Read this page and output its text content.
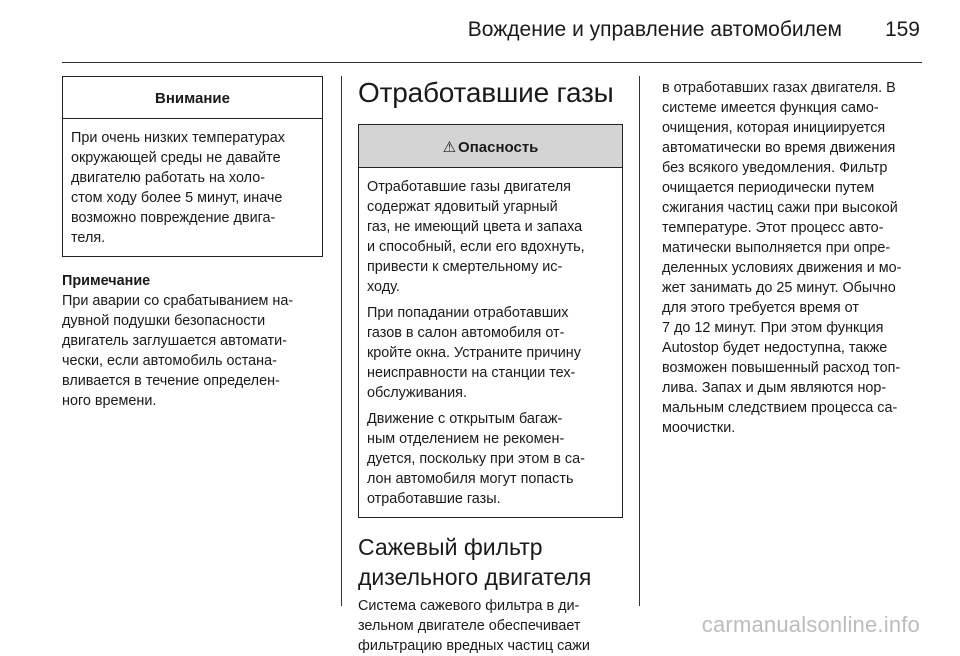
Вождение и управление автомобилем 159
Внимание
При очень низких температурах
окружающей среды не давайте
двигателю работать на холо-
стом ходу более 5 минут, иначе
возможно повреждение двига-
теля.
Примечание
При аварии со срабатыванием на-
дувной подушки безопасности
двигатель заглушается автомати-
чески, если автомобиль остана-
вливается в течение определен-
ного времени.
Отработавшие газы
⚠ Опасность
Отработавшие газы двигателя
содержат ядовитый угарный
газ, не имеющий цвета и запаха
и способный, если его вдохнуть,
привести к смертельному ис-
ходу.
При попадании отработавших
газов в салон автомобиля от-
кройте окна. Устраните причину
неисправности на станции тех-
обслуживания.
Движение с открытым багаж-
ным отделением не рекомен-
дуется, поскольку при этом в са-
лон автомобиля могут попасть
отработавшие газы.
Сажевый фильтр
дизельного двигателя
Система сажевого фильтра в ди-
зельном двигателе обеспечивает
фильтрацию вредных частиц сажи
в отработавших газах двигателя. В
системе имеется функция само-
очищения, которая инициируется
автоматически во время движения
без всякого уведомления. Фильтр
очищается периодически путем
сжигания частиц сажи при высокой
температуре. Этот процесс авто-
матически выполняется при опре-
деленных условиях движения и мо-
жет занимать до 25 минут. Обычно
для этого требуется время от
7 до 12 минут. При этом функция
Autostop будет недоступна, также
возможен повышенный расход топ-
лива. Запах и дым являются нор-
мальным следствием процесса са-
моочистки.
carmanualsonline.info
